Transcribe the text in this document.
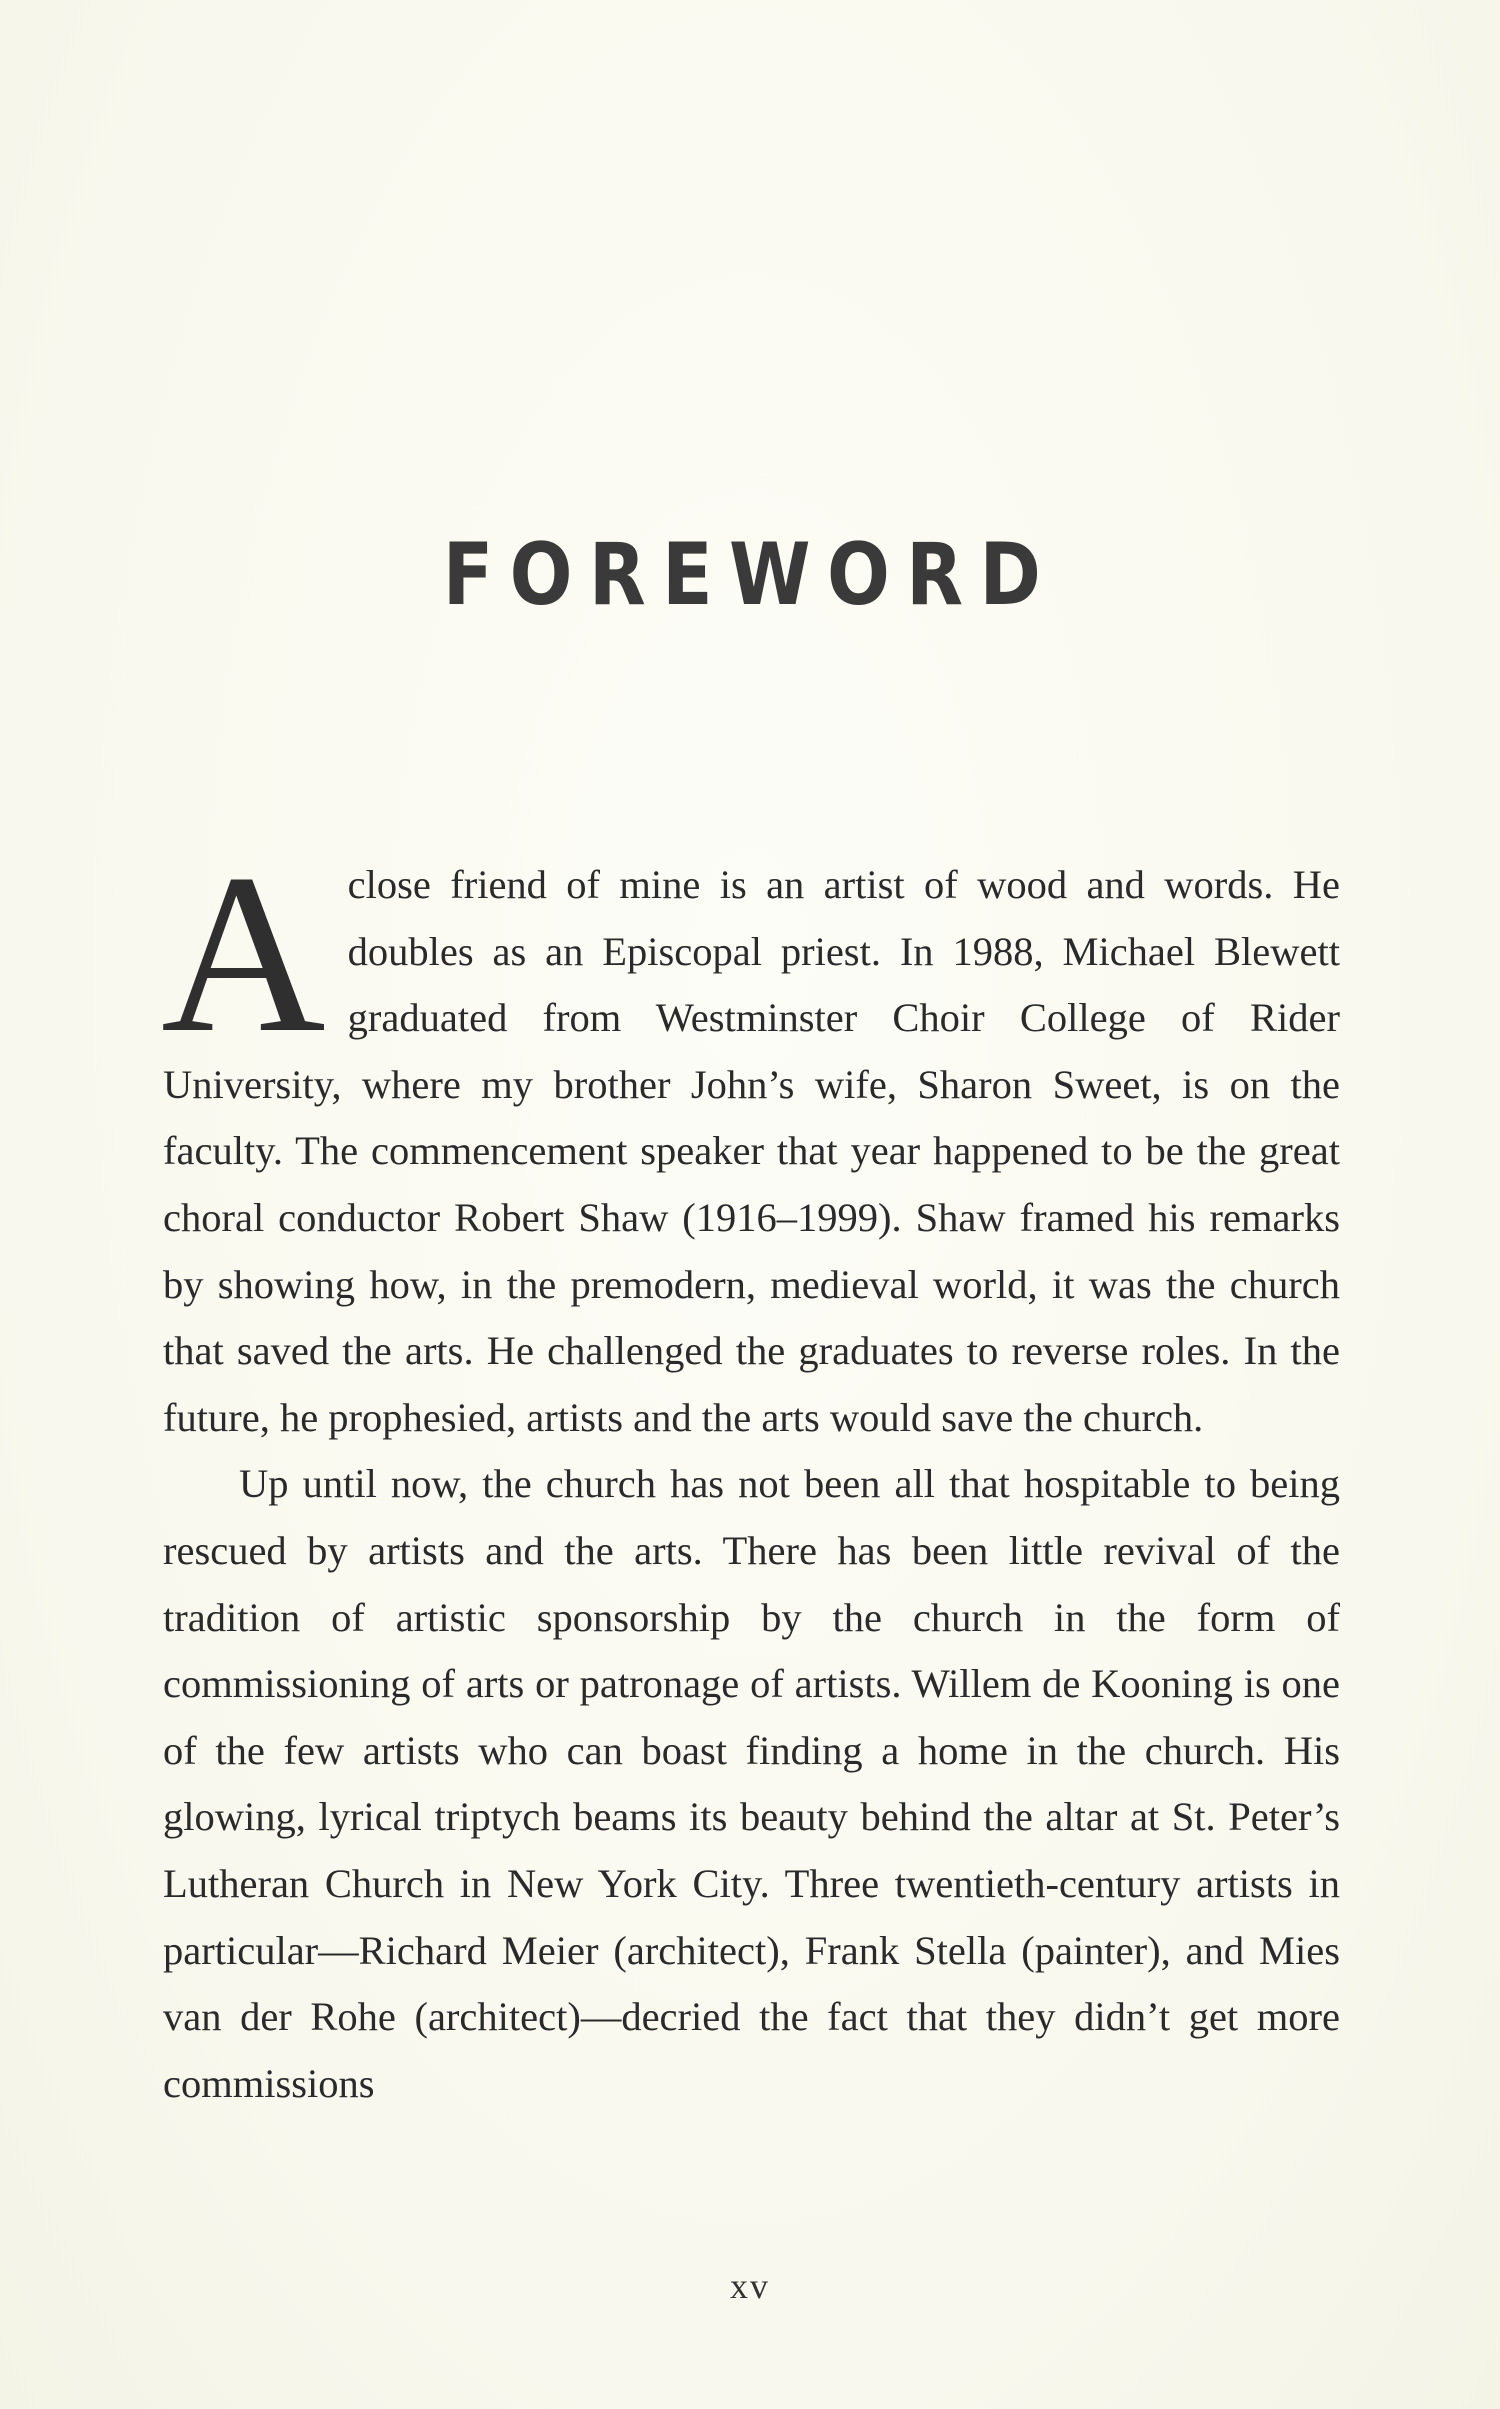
FOREWORD

A close friend of mine is an artist of wood and words. He doubles as an Episcopal priest. In 1988, Michael Blewett graduated from Westminster Choir College of Rider University, where my brother John’s wife, Sharon Sweet, is on the faculty. The commencement speaker that year happened to be the great choral conductor Robert Shaw (1916–1999). Shaw framed his remarks by showing how, in the premodern, medieval world, it was the church that saved the arts. He challenged the graduates to reverse roles. In the future, he prophesied, artists and the arts would save the church.

Up until now, the church has not been all that hospitable to being rescued by artists and the arts. There has been little revival of the tradition of artistic sponsorship by the church in the form of commissioning of arts or patronage of artists. Willem de Kooning is one of the few artists who can boast finding a home in the church. His glowing, lyrical triptych beams its beauty behind the altar at St. Peter’s Lutheran Church in New York City. Three twentieth-century artists in particular—Richard Meier (architect), Frank Stella (painter), and Mies van der Rohe (architect)—decried the fact that they didn’t get more commissions

xv
